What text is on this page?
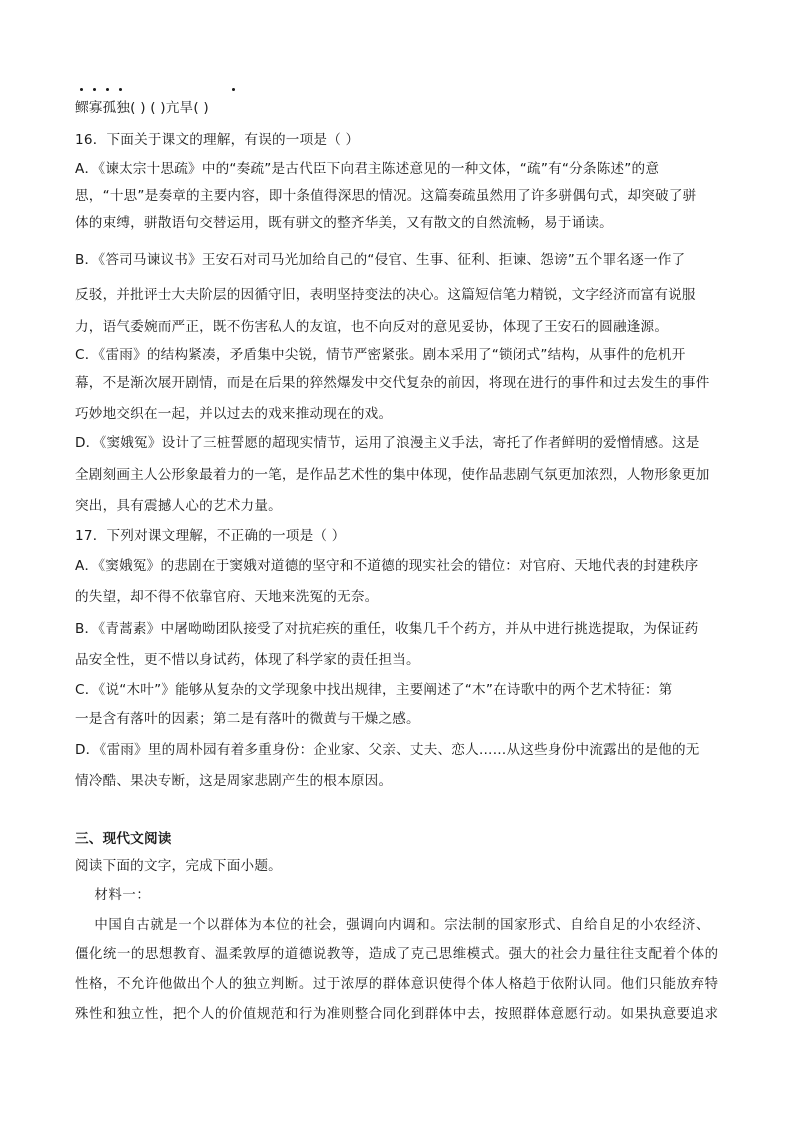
鳏寡孤独( ) ( )亢旱( )
16．下面关于课文的理解，有误的一项是（ ）
A．《谏太宗十思疏》中的“奏疏”是古代臣下向君主陈述意见的一种文体，“疏”有“分条陈述”的意
思，“十思”是奏章的主要内容，即十条值得深思的情况。这篇奏疏虽然用了许多骈偶句式，却突破了骈
体的束缚，骈散语句交替运用，既有骈文的整齐华美，又有散文的自然流畅，易于诵读。
B．《答司马谏议书》王安石对司马光加给自己的“侵官、生事、征利、拒谏、怨谤”五个罪名逐一作了
反驳，并批评士大夫阶层的因循守旧，表明坚持变法的决心。这篇短信笔力精锐，文字经济而富有说服
力，语气委婉而严正，既不伤害私人的友谊，也不向反对的意见妥协，体现了王安石的圆融逢源。
C．《雷雨》的结构紧凑，矛盾集中尖锐，情节严密紧张。剧本采用了“锁闭式”结构，从事件的危机开
幕，不是渐次展开剧情，而是在后果的猝然爆发中交代复杂的前因，将现在进行的事件和过去发生的事件
巧妙地交织在一起，并以过去的戏来推动现在的戏。
D．《窦娥冤》设计了三桩誓愿的超现实情节，运用了浪漫主义手法，寄托了作者鲜明的爱憎情感。这是
全剧刻画主人公形象最着力的一笔，是作品艺术性的集中体现，使作品悲剧气氛更加浓烈，人物形象更加
突出，具有震撼人心的艺术力量。
17．下列对课文理解，不正确的一项是（ ）
A．《窦娥冤》的悲剧在于窦娥对道德的坚守和不道德的现实社会的错位：对官府、天地代表的封建秩序
的失望，却不得不依靠官府、天地来洗冤的无奈。
B．《青蒿素》中屠呦呦团队接受了对抗疟疾的重任，收集几千个药方，并从中进行挑选提取，为保证药
品安全性，更不惜以身试药，体现了科学家的责任担当。
C．《说“木叶”》能够从复杂的文学现象中找出规律，主要阐述了“木”在诗歌中的两个艺术特征：第
一是含有落叶的因素；第二是有落叶的微黄与干燥之感。
D．《雷雨》里的周朴园有着多重身份：企业家、父亲、丈夫、恋人……从这些身份中流露出的是他的无
情冷酷、果决专断，这是周家悲剧产生的根本原因。
三、现代文阅读
阅读下面的文字，完成下面小题。
材料一：
中国自古就是一个以群体为本位的社会，强调向内调和。宗法制的国家形式、自给自足的小农经济、
僵化统一的思想教育、温柔敦厚的道德说教等，造成了克己思维模式。强大的社会力量往往支配着个体的
性格，不允许他做出个人的独立判断。过于浓厚的群体意识使得个体人格趋于依附认同。他们只能放弃特
殊性和独立性，把个人的价值规范和行为准则整合同化到群体中去，按照群体意愿行动。如果执意要追求
